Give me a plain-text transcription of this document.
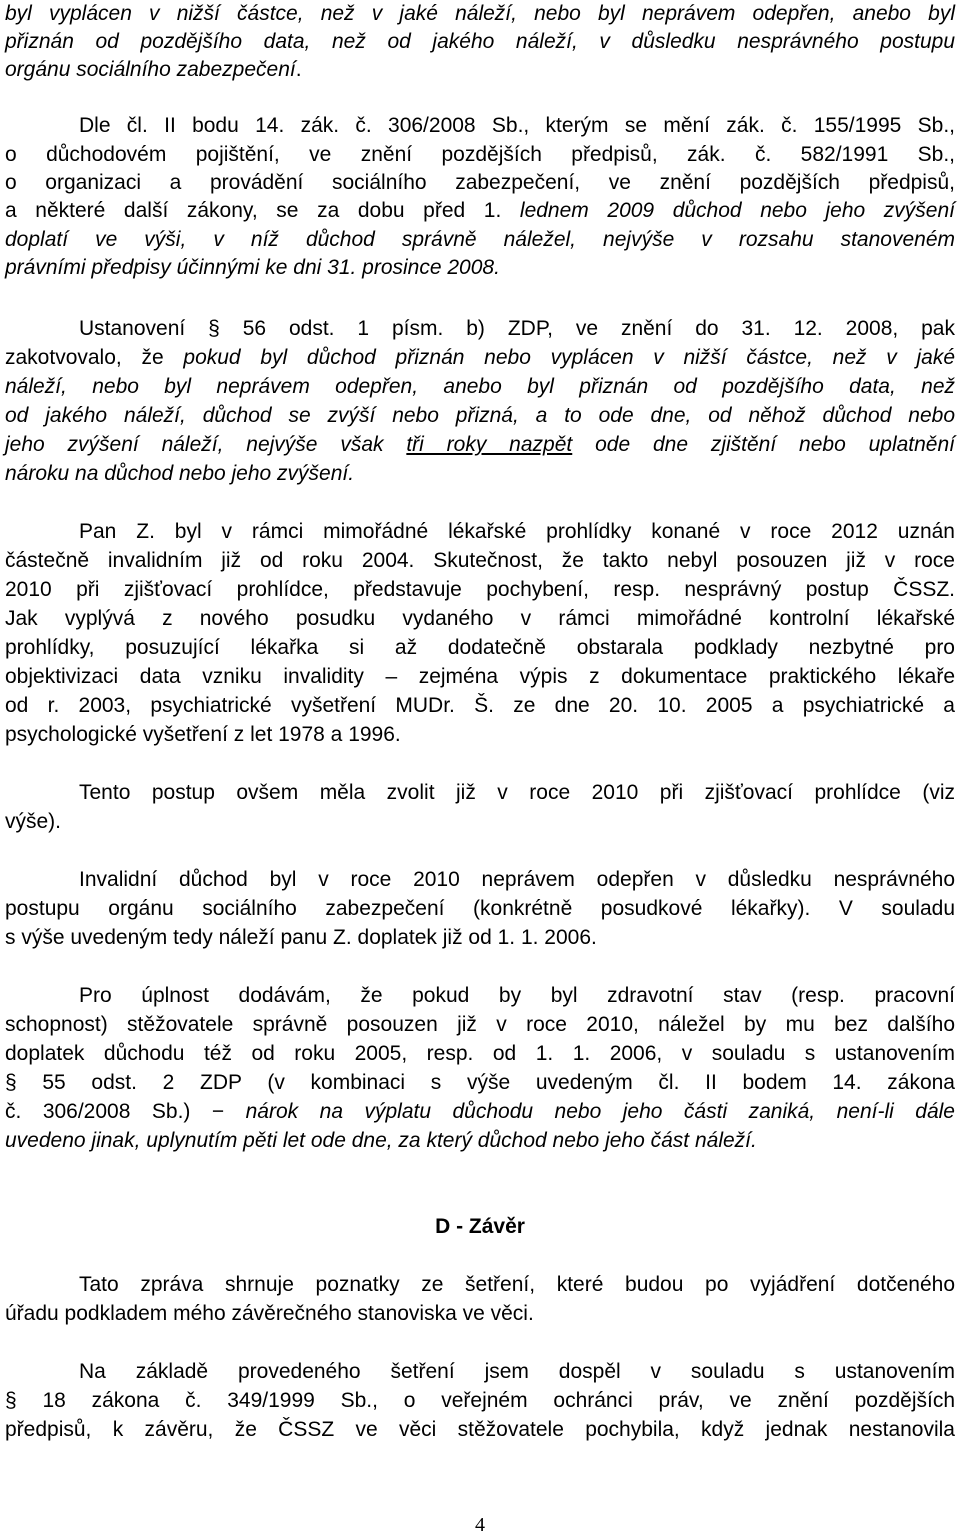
byl vyplácen v nižší částce, než v jaké náleží, nebo byl neprávem odepřen, anebo byl

přiznán od pozdějšího data, než od jakého náleží, v důsledku nesprávného postupu

orgánu sociálního zabezpečení.

Dle čl. II bodu 14. zák. č. 306/2008 Sb., kterým se mění zák. č. 155/1995 Sb.,

o důchodovém pojištění, ve znění pozdějších předpisů, zák. č. 582/1991 Sb.,

o organizaci a provádění sociálního zabezpečení, ve znění pozdějších předpisů,

a některé další zákony, se za dobu před 1. lednem 2009 důchod nebo jeho zvýšení

doplatí ve výši, v níž důchod správně náležel, nejvýše v rozsahu stanoveném

právními předpisy účinnými ke dni 31. prosince 2008.

Ustanovení § 56 odst. 1 písm. b) ZDP, ve znění do 31. 12. 2008, pak

zakotvovalo, že pokud byl důchod přiznán nebo vyplácen v nižší částce, než v jaké

náleží, nebo byl neprávem odepřen, anebo byl přiznán od pozdějšího data, než

od jakého náleží, důchod se zvýší nebo přizná, a to ode dne, od něhož důchod nebo

jeho zvýšení náleží, nejvýše však tři roky nazpět ode dne zjištění nebo uplatnění

nároku na důchod nebo jeho zvýšení.

Pan Z. byl v rámci mimořádné lékařské prohlídky konané v roce 2012 uznán

částečně invalidním již od roku 2004. Skutečnost, že takto nebyl posouzen již v roce

2010 při zjišťovací prohlídce, představuje pochybení, resp. nesprávný postup ČSSZ.

Jak vyplývá z nového posudku vydaného v rámci mimořádné kontrolní lékařské

prohlídky, posuzující lékařka si až dodatečně obstarala podklady nezbytné pro

objektivizaci data vzniku invalidity – zejména výpis z dokumentace praktického lékaře

od r. 2003, psychiatrické vyšetření MUDr. Š. ze dne 20. 10. 2005 a psychiatrické a

psychologické vyšetření z let 1978 a 1996.

Tento postup ovšem měla zvolit již v roce 2010 při zjišťovací prohlídce (viz

výše).

Invalidní důchod byl v roce 2010 neprávem odepřen v důsledku nesprávného

postupu orgánu sociálního zabezpečení (konkrétně posudkové lékařky). V souladu

s výše uvedeným tedy náleží panu Z. doplatek již od 1. 1. 2006.

Pro úplnost dodávám, že pokud by byl zdravotní stav (resp. pracovní

schopnost) stěžovatele správně posouzen již v roce 2010, náležel by mu bez dalšího

doplatek důchodu též od roku 2005, resp. od 1. 1. 2006, v souladu s ustanovením

§ 55 odst. 2 ZDP (v kombinaci s výše uvedeným čl. II bodem 14. zákona

č. 306/2008 Sb.) − nárok na výplatu důchodu nebo jeho části zaniká, není-li dále

uvedeno jinak, uplynutím pěti let ode dne, za který důchod nebo jeho část náleží.

D - Závěr

Tato zpráva shrnuje poznatky ze šetření, které budou po vyjádření dotčeného

úřadu podkladem mého závěrečného stanoviska ve věci.

Na základě provedeného šetření jsem dospěl v souladu s ustanovením

§ 18 zákona č. 349/1999 Sb., o veřejném ochránci práv, ve znění pozdějších

předpisů, k závěru, že ČSSZ ve věci stěžovatele pochybila, když jednak nestanovila

4
